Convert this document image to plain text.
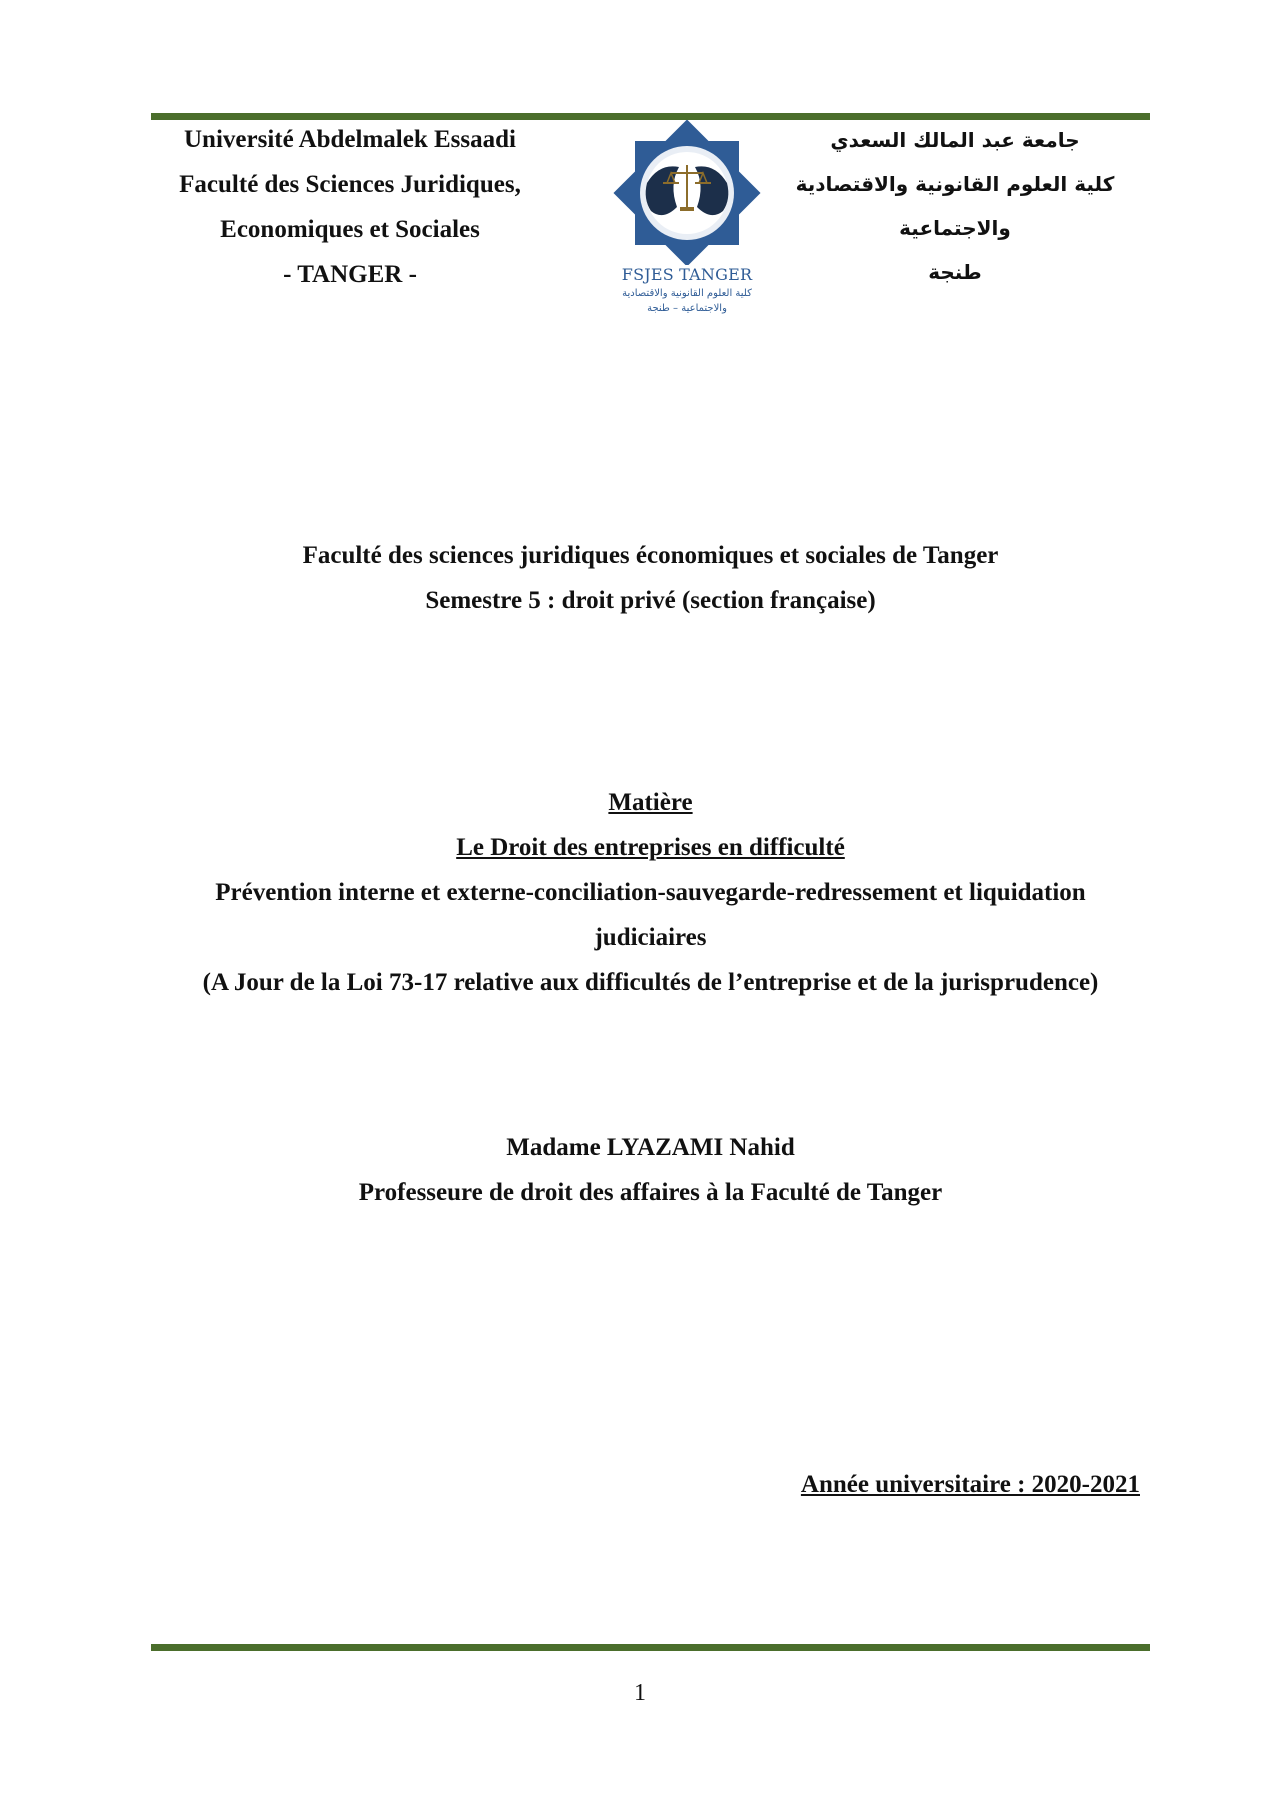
Université Abdelmalek Essaadi
Faculté des Sciences Juridiques,
Economiques et Sociales
- TANGER -	FSJES TANGER
كلية العلوم القانونية والاقتصادية
والاجتماعية – طنجة
جامعة عبد المالك السعدي
كلية العلوم القانونية والاقتصادية والاجتماعية
طنجة
Faculté des sciences juridiques économiques et sociales de Tanger
Semestre 5 : droit privé (section française)
Matière
Le Droit des entreprises en difficulté
Prévention interne et externe-conciliation-sauvegarde-redressement et liquidation
judiciaires
(A Jour de la Loi 73-17 relative aux difficultés de l’entreprise et de la jurisprudence)
Madame LYAZAMI Nahid
Professeure de droit des affaires à la Faculté de Tanger
Année universitaire : 2020-2021
1
